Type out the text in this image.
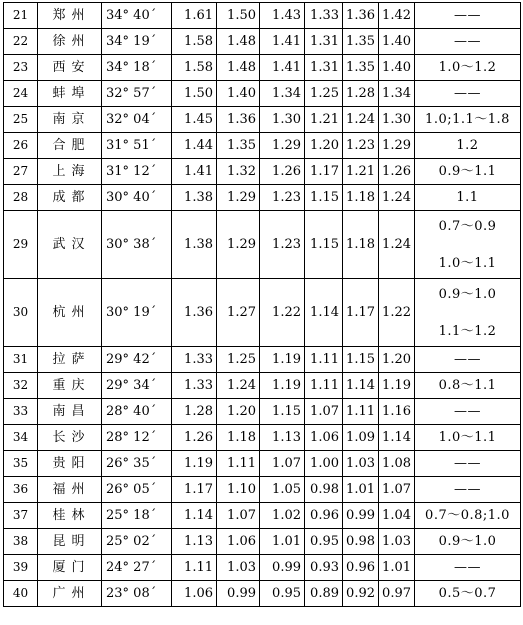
21	郑州	34° 40´	1.61	1.50	1.43	1.33	1.36	1.42	——

22	徐州	34° 19´	1.58	1.48	1.41	1.31	1.35	1.40	——

23	西安	34° 18´	1.58	1.48	1.41	1.31	1.35	1.40	1.0～1.2

24	蚌埠	32° 57´	1.50	1.40	1.34	1.25	1.28	1.34	——

25	南京	32° 04´	1.45	1.36	1.30	1.21	1.24	1.30	1.0;1.1～1.8

26	合肥	31° 51´	1.44	1.35	1.29	1.20	1.23	1.29	1.2

27	上海	31° 12´	1.41	1.32	1.26	1.17	1.21	1.26	0.9～1.1

28	成都	30° 40´	1.38	1.29	1.23	1.15	1.18	1.24	1.1

29	武汉	30° 38´	1.38	1.29	1.23	1.15	1.18	1.24	0.7～0.9
1.0～1.1

30	杭州	30° 19´	1.36	1.27	1.22	1.14	1.17	1.22	0.9～1.0
1.1～1.2

31	拉萨	29° 42´	1.33	1.25	1.19	1.11	1.15	1.20	——

32	重庆	29° 34´	1.33	1.24	1.19	1.11	1.14	1.19	0.8～1.1

33	南昌	28° 40´	1.28	1.20	1.15	1.07	1.11	1.16	——

34	长沙	28° 12´	1.26	1.18	1.13	1.06	1.09	1.14	1.0～1.1

35	贵阳	26° 35´	1.19	1.11	1.07	1.00	1.03	1.08	——

36	福州	26° 05´	1.17	1.10	1.05	0.98	1.01	1.07	——

37	桂林	25° 18´	1.14	1.07	1.02	0.96	0.99	1.04	0.7～0.8;1.0

38	昆明	25° 02´	1.13	1.06	1.01	0.95	0.98	1.03	0.9～1.0

39	厦门	24° 27´	1.11	1.03	0.99	0.93	0.96	1.01	——

40	广州	23° 08´	1.06	0.99	0.95	0.89	0.92	0.97	0.5～0.7
